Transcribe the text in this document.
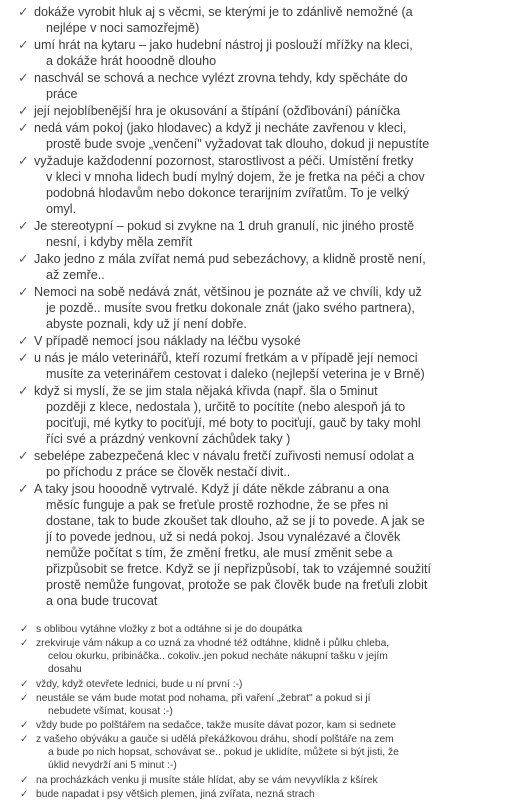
✓ dokáže vyrobit hluk aj s věcmi, se kterými je to zdánlivě nemožné (a
nejlépe v noci samozřejmě)
✓ umí hrát na kytaru – jako hudební nástroj ji poslouží mřížky na kleci,
a dokáže hrát hooodně dlouho
✓ naschvál se schová a nechce vylézt zrovna tehdy, kdy spěcháte do
práce
✓ její nejoblíbenější hra je okusování a štípání (ožďibování) páníčka
✓ nedá vám pokoj (jako hlodavec) a když ji necháte zavřenou v kleci,
prostě bude svoje „venčení" vyžadovat tak dlouho, dokud ji nepustíte
✓ vyžaduje každodenní pozornost, starostlivost a péči. Umístění fretky
v kleci v mnoha lidech budí mylný dojem, že je fretka na péči a chov
podobná hlodavům nebo dokonce terarijním zvířatům. To je velký
omyl.
✓ Je stereotypní – pokud si zvykne na 1 druh granulí, nic jiného prostě
nesní, i kdyby měla zemřít
✓ Jako jedno z mála zvířat nemá pud sebezáchovy, a klidně prostě není,
až zemře..
✓ Nemoci na sobě nedává znát, většinou je poznáte až ve chvíli, kdy už
je pozdě.. musíte svou fretku dokonale znát (jako svého partnera),
abyste poznali, kdy už jí není dobře.
✓ V případě nemocí jsou náklady na léčbu vysoké
✓ u nás je málo veterinářů, kteří rozumí fretkám a v případě její nemoci
musíte za veterinářem cestovat i daleko (nejlepší veterina je v Brně)
✓ když si myslí, že se jim stala nějaká křivda (např. šla o 5minut
později z klece, nedostala ), určitě to pocítíte (nebo alespoň já to
pociťuji, mé kytky to pociťují, mé boty to pociťují, gauč by taky mohl
říci své a prázdný venkovní záchůdek taky )
✓ sebelépe zabezpečená klec v návalu fretčí zuřivosti nemusí odolat a
po příchodu z práce se člověk nestačí divit..
✓ A taky jsou hooodně vytrvalé. Když jí dáte někde zábranu a ona
měsíc funguje a pak se freťule prostě rozhodne, že se přes ni
dostane, tak to bude zkoušet tak dlouho, až se jí to povede. A jak se
jí to povede jednou, už si nedá pokoj. Jsou vynalézavé a člověk
nemůže počítat s tím, že změní fretku, ale musí změnit sebe a
přizpůsobit se fretce. Když se jí nepřizpůsobí, tak to vzájemné soužití
prostě nemůže fungovat, protože se pak člověk bude na freťuli zlobit
a ona bude trucovat
✓ s oblibou vytáhne vložky z bot a odtáhne si je do doupátka
✓ zrekviruje vám nákup a co uzná za vhodné též odtáhne, klidně i půlku chleba,
celou okurku, pribináčka.. cokoliv..jen pokud necháte nákupní tašku v jejím
dosahu
✓ vždy, když otevřete lednici, bude u ní první :-)
✓ neustále se vám bude motat pod nohama, při vaření „žebrat" a pokud si jí
nebudete všímat, kousat :-)
✓ vždy bude po polštářem na sedačce, takže musíte dávat pozor, kam si sednete
✓ z vašeho obýváku a gauče si udělá překážkovou dráhu, shodí polštáře na zem
a bude po nich hopsat, schovávat se.. pokud je uklidíte, můžete si být jisti, že
úklid nevydrží ani 5 minut :-)
✓ na procházkách venku ji musíte stále hlídat, aby se vám nevyvlíkla z kšírek
✓ bude napadat i psy většich plemen, jiná zvířata, nezná strach
